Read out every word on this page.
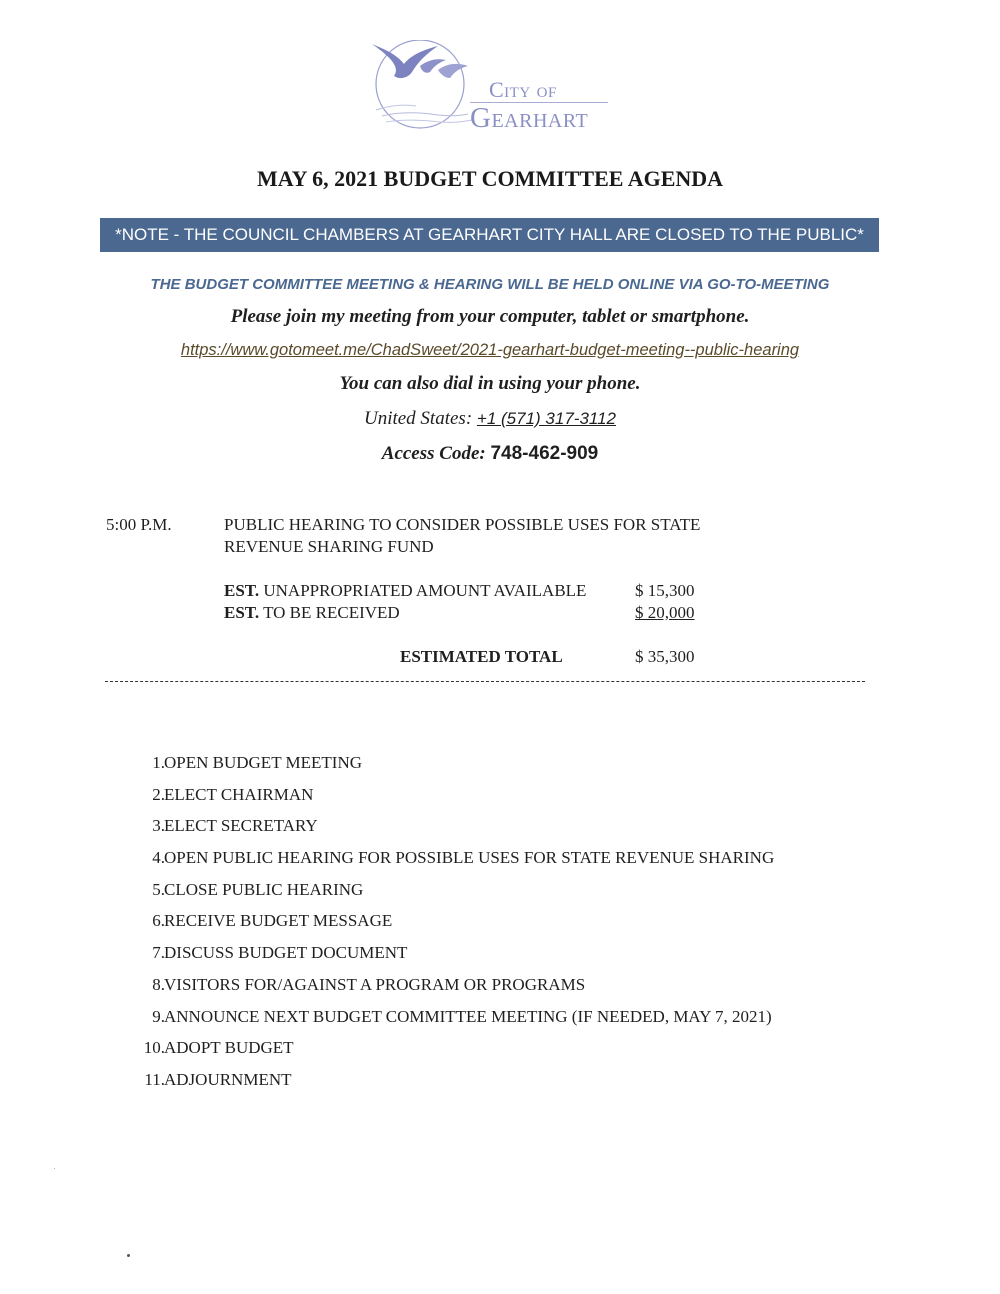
City of
Gearhart
MAY 6, 2021 BUDGET COMMITTEE AGENDA
*NOTE - THE COUNCIL CHAMBERS AT GEARHART CITY HALL ARE CLOSED TO THE PUBLIC*
THE BUDGET COMMITTEE MEETING & HEARING WILL BE HELD ONLINE VIA GO-TO-MEETING
Please join my meeting from your computer, tablet or smartphone.
https://www.gotomeet.me/ChadSweet/2021-gearhart-budget-meeting--public-hearing
You can also dial in using your phone.
United States: +1 (571) 317-3112
Access Code: 748-462-909
5:00 P.M.	PUBLIC HEARING TO CONSIDER POSSIBLE USES FOR STATE
REVENUE SHARING FUND
EST. UNAPPROPRIATED AMOUNT AVAILABLE	$ 15,300
EST. TO BE RECEIVED	$ 20,000
ESTIMATED TOTAL	$ 35,300
1. OPEN BUDGET MEETING
2. ELECT CHAIRMAN
3. ELECT SECRETARY
4. OPEN PUBLIC HEARING FOR POSSIBLE USES FOR STATE REVENUE SHARING
5. CLOSE PUBLIC HEARING
6. RECEIVE BUDGET MESSAGE
7. DISCUSS BUDGET DOCUMENT
8. VISITORS FOR/AGAINST A PROGRAM OR PROGRAMS
9. ANNOUNCE NEXT BUDGET COMMITTEE MEETING (IF NEEDED, MAY 7, 2021)
10. ADOPT BUDGET
11. ADJOURNMENT
